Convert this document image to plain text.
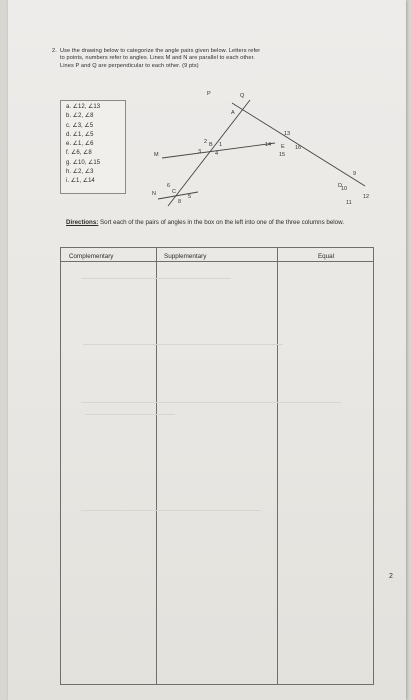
2. Use the drawing below to categorize the angle pairs given below. Letters refer
to points, numbers refer to angles. Lines M and N are parallel to each other.
Lines P and Q are perpendicular to each other. (9 pts)
a. ∠12, ∠13
b. ∠2, ∠8
c. ∠3, ∠5
d. ∠1, ∠5
e. ∠1, ∠6
f. ∠6, ∠8
g. ∠10, ∠15
h. ∠2, ∠3
i. ∠1, ∠14
P	Q
M
N
A
B
C
D
E
1
2
3	4
5
6
8
9
10
11
12
13
14
15
16
Directions: Sort each of the pairs of angles in the box on the left into one of the three columns below.
Complementary	Supplementary	Equal
2
